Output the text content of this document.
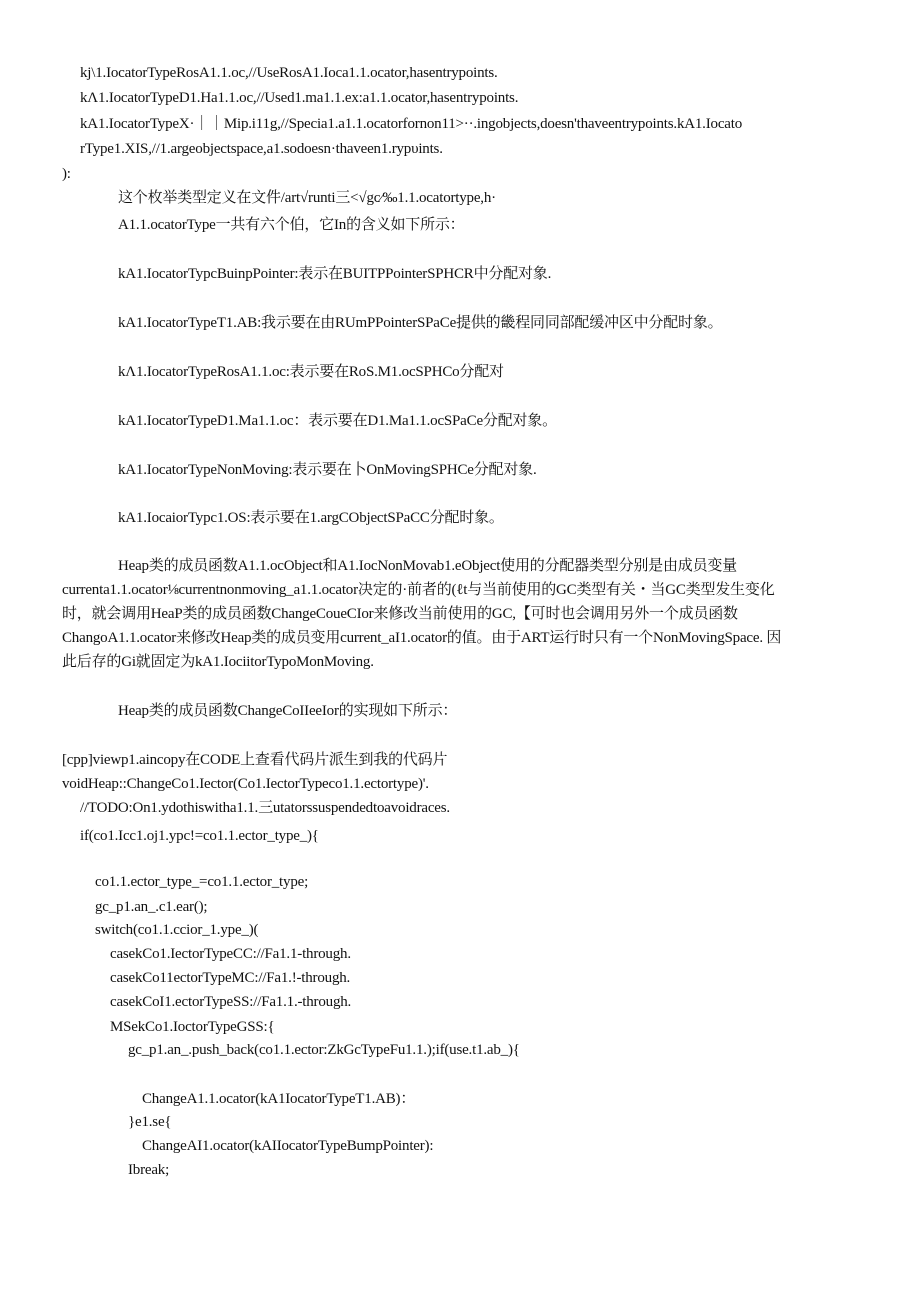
kj\1.IocatorTypeRosA1.1.oc,//UseRosA1.Ioca1.1.ocator,hasentrypoints.
kΛ1.IocatorTypeD1.Ha1.1.oc,//Used1.ma1.1.ex:a1.1.ocator,hasentrypoints.
kA1.IocatorTypeX·｜｜Mip.i11g,//Specia1.a1.1.ocatorfornon11>··.ingobjects,doesn'thaveentrypoints.kA1.Iocato
rType1.XIS,//1.argeobjectspace,a1.sodoesn·thaveen1.rypυints.
):
这个枚举类型定义在文件/art√runti三<√gc⁄‰1.1.ocatortype,h·
A1.1.ocatorType一共有六个伯，它In的含义如下所示：
kA1.IocatorTypcBuinpPointer:表示在BUITPPointerSPHCR中分配对象.
kA1.IocatorTypeT1.AB:我示要在由RUmPPointerSPaCe提供的畿程同同部配缓冲区中分配时象。
kΛ1.IocatorTypeRosA1.1.oc:表示要在RoS.M1.ocSPHCo分配对
kA1.IocatorTypeD1.Ma1.1.oc：表示要在D1.Ma1.1.ocSPaCe分配对象。
kA1.IocatorTypeNonMoving:表示要在卜OnMovingSPHCe分配对象.
kA1.IocaiorTypc1.OS:表示要在1.argCObjectSPaCC分配时象。
Heap类的成员函数A1.1.ocObject和A1.IocNonMovab1.eObject使用的分配器类型分别是由成员变量
currenta1.1.ocator⅛currentnonmoving_a1.1.ocator决定的·前者的(ℓt与当前使用的GC类型有关・当GC类型发生变化
时，就会调用HeaP类的成员函数ChangeCoueCIor来修改当前使用的GC,【可时也会调用另外一个成员函数
ChangoA1.1.ocator来修改Heap类的成员变用current_aI1.ocator的值。由于ART运行时只有一个NonMovingSpace. 因
此后存的Gi就固定为kA1.IociitorTypoMonMoving.
Heap类的成员函数ChangeCoIIeeIor的实现如下所示：
[cpp]viewp1.aincopy在CODE上查看代码片派生到我的代码片
voidHeap::ChangeCo1.Iector(Co1.IectorTypeco1.1.ectortype)'.
//TODO:On1.ydothiswitha1.1.三utatorssuspendedtoavoidraces.
if(co1.Icc1.oj1.ypc!=co1.1.ector_type_){
co1.1.ector_type_=co1.1.ector_type;
gc_p1.an_.c1.ear();
switch(co1.1.ccior_1.ype_)(
casekCo1.IectorTypeCC://Fa1.1-through.
casekCo11ectorTypeMC://Fa1.!-through.
casekCoI1.ectorTypeSS://Fa1.1.-through.
MSekCo1.IoctorTypeGSS:{
gc_p1.an_.push_back(co1.1.ector:ZkGcTypeFu1.1.);if(use.t1.ab_){
ChangeA1.1.ocator(kA1IocatorTypeT1.AB)：
}e1.se{
ChangeAI1.ocator(kAIIocatorTypeBumpPointer):
Ibreak;
